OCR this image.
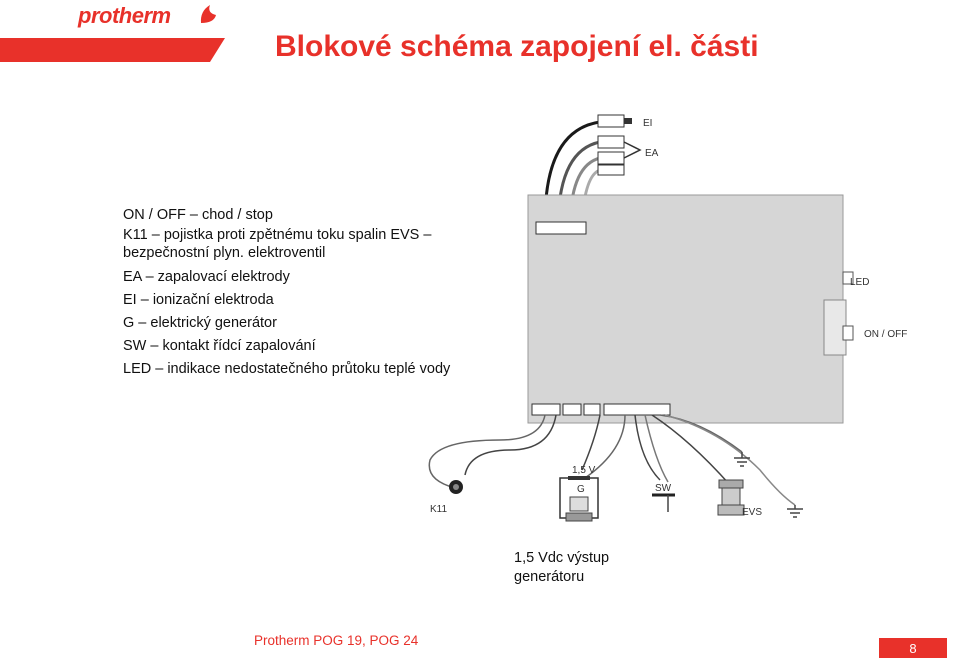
protherm
Blokové schéma zapojení el. části
ON / OFF – chod / stop
K11 – pojistka proti zpětnému toku spalin EVS –
bezpečnostní plyn. elektroventil
EA – zapalovací elektrody
EI – ionizační elektroda
G – elektrický generátor
SW – kontakt řídcí zapalování
LED – indikace nedostatečného průtoku teplé vody
EI
EA
LED
ON / OFF
K11
1,5 V
G	SW
EVS
1,5 Vdc výstup
generátoru
Protherm POG 19, POG 24	8
